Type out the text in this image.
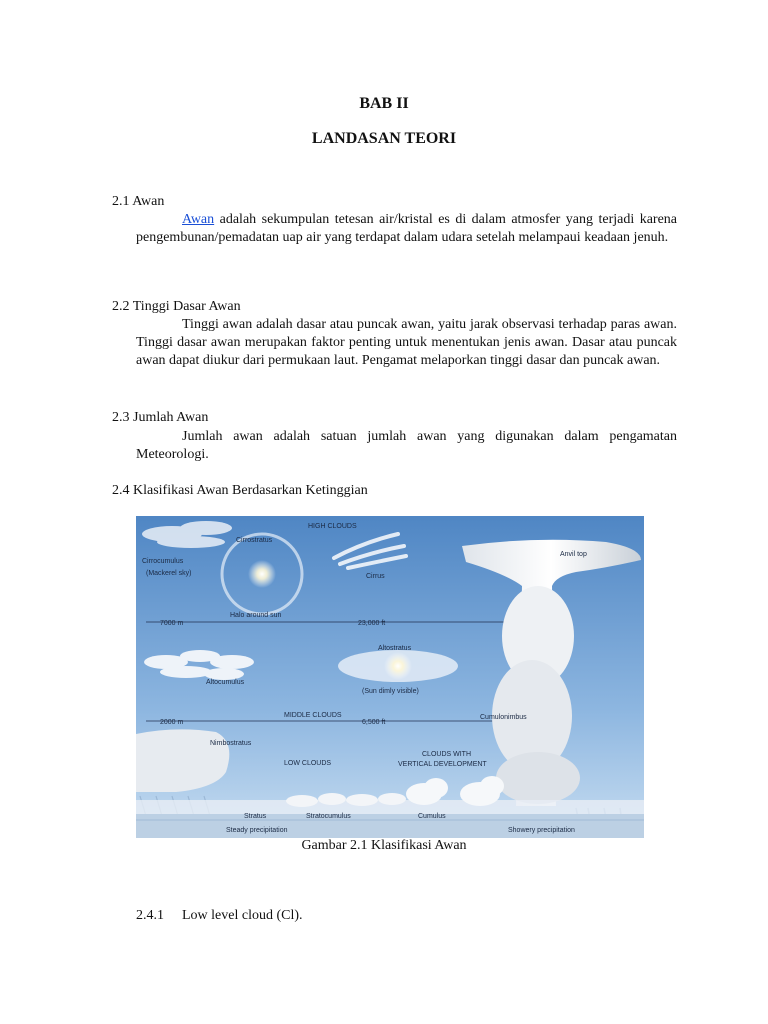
BAB II
LANDASAN TEORI
2.1 Awan

Awan adalah sekumpulan tetesan air/kristal es di dalam atmosfer yang terjadi karena pengembunan/pemadatan uap air yang terdapat dalam udara setelah melampaui keadaan jenuh.

2.2 Tinggi Dasar Awan

Tinggi awan adalah dasar atau puncak awan, yaitu jarak observasi terhadap paras awan. Tinggi dasar awan merupakan faktor penting untuk menentukan jenis awan. Dasar atau puncak awan dapat diukur dari permukaan laut. Pengamat melaporkan tinggi dasar dan puncak awan.

2.3 Jumlah Awan

Jumlah awan adalah satuan jumlah awan yang digunakan dalam pengamatan Meteorologi.

2.4 Klasifikasi Awan Berdasarkan Ketinggian
HIGH CLOUDS
Cirrostratus
Cirrocumulus
(Mackerel sky)	Cirrus
Anvil top
Halo around sun
7000 m	23,000 ft
Altostratus
Altocumulus
(Sun dimly visible)
2000 m
MIDDLE CLOUDS
6,500 ft
Cumulonimbus
Nimbostratus
LOW CLOUDS
CLOUDS WITH
VERTICAL DEVELOPMENT
Stratus	Stratocumulus	Cumulus
Steady precipitation	Showery precipitation
Gambar 2.1 Klasifikasi Awan
2.4.1 Low level cloud (Cl).
